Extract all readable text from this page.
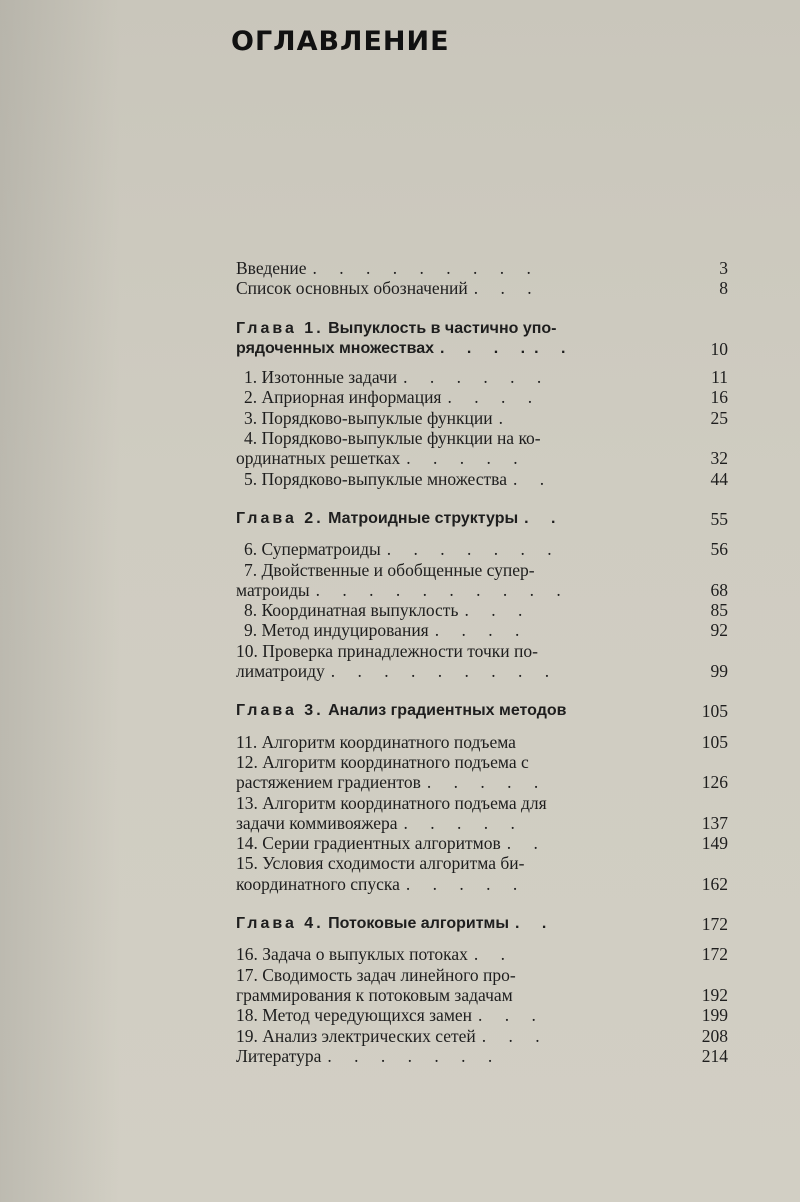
ОГЛАВЛЕНИЕ
Введение . . . . . . . . .	3
Список основных обозначений . . .	8
Глава 1. Выпуклость в частично упо-
рядоченных множествах . . . .. .	10
1. Изотонные задачи . . . . . .	11
2. Априорная информация . . . .	16
3. Порядково-выпуклые функции .	25
4. Порядково-выпуклые функции на ко-
ординатных решетках . . . . .	32
5. Порядково-выпуклые множества . .	44
Глава 2. Матроидные структуры . .	55
6. Суперматроиды . . . . . . .	56
7. Двойственные и обобщенные супер-
матроиды . . . . . . . . . .	68
8. Координатная выпуклость . . .	85
9. Метод индуцирования . . . .	92
10. Проверка принадлежности точки по-
лиматроиду . . . . . . . . .	99
Глава 3. Анализ градиентных методов	105
11. Алгоритм координатного подъема	105
12. Алгоритм координатного подъема с
растяжением градиентов . . . . .	126
13. Алгоритм координатного подъема для
задачи коммивояжера . . . . .	137
14. Серии градиентных алгоритмов . .	149
15. Условия сходимости алгоритма би-
координатного спуска . . . . .	162
Глава 4. Потоковые алгоритмы . .	172
16. Задача о выпуклых потоках . .	172
17. Сводимость задач линейного про-
граммирования к потоковым задачам	192
18. Метод чередующихся замен . . .	199
19. Анализ электрических сетей . . .	208
Литература . . . . . . .	214
